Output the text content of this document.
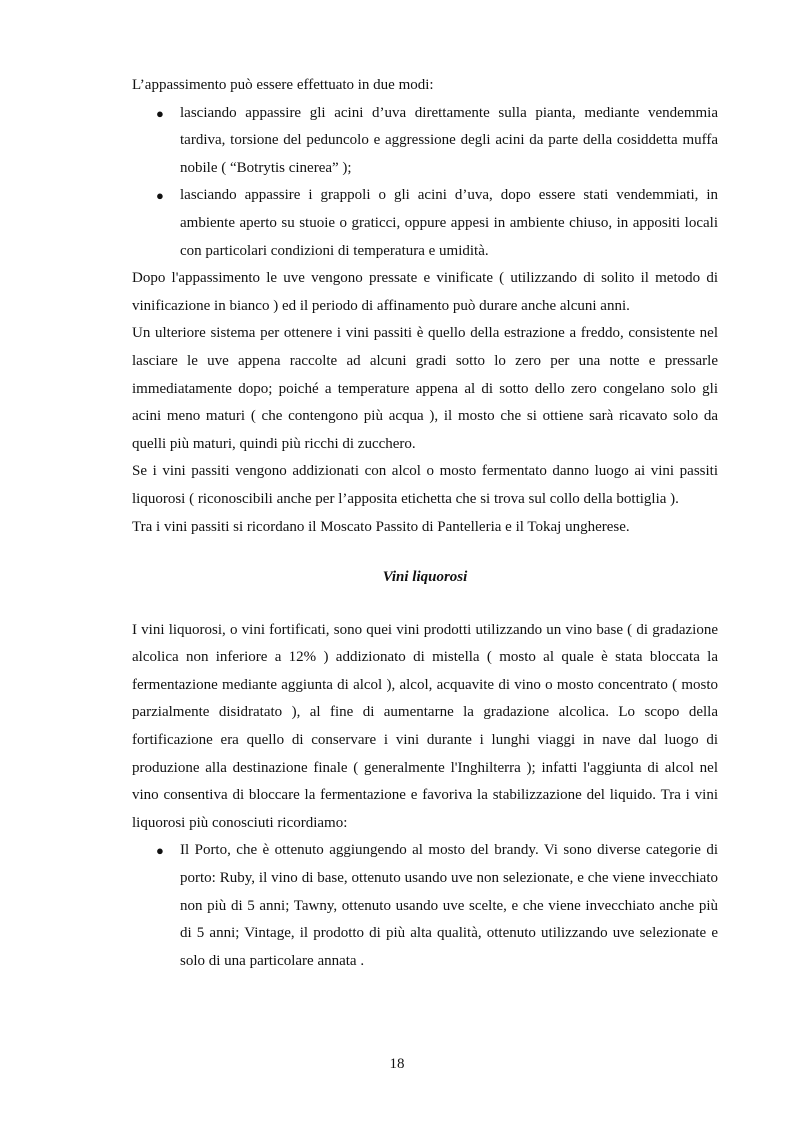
L’appassimento può essere effettuato in due modi:

● lasciando appassire gli acini d’uva direttamente sulla pianta, mediante vendemmia tardiva, torsione del peduncolo e aggressione degli acini da parte della cosiddetta muffa nobile ( “Botrytis cinerea” );
● lasciando appassire i grappoli o gli acini d’uva, dopo essere stati vendemmiati, in ambiente aperto su stuoie o graticci, oppure appesi in ambiente chiuso, in appositi locali con particolari condizioni di temperatura e umidità.

Dopo l'appassimento le uve vengono pressate e vinificate ( utilizzando di solito il metodo di vinificazione in bianco ) ed il periodo di affinamento può durare anche alcuni anni.

Un ulteriore sistema per ottenere i vini passiti è quello della estrazione a freddo, consistente nel lasciare le uve appena raccolte ad alcuni gradi sotto lo zero per una notte e pressarle immediatamente dopo; poiché a temperature appena al di sotto dello zero congelano solo gli acini meno maturi ( che contengono più acqua ), il mosto che si ottiene sarà ricavato solo da quelli più maturi, quindi più ricchi di zucchero.

Se i vini passiti vengono addizionati con alcol o mosto fermentato danno luogo ai vini passiti liquorosi ( riconoscibili anche per l’apposita etichetta che si trova sul collo della bottiglia ).

Tra i vini passiti si ricordano il Moscato Passito di Pantelleria e il Tokaj ungherese.

Vini liquorosi

I vini liquorosi, o vini fortificati, sono quei vini prodotti utilizzando un vino base ( di gradazione alcolica non inferiore a 12% ) addizionato di mistella ( mosto al quale è stata bloccata la fermentazione mediante aggiunta di alcol ), alcol, acquavite di vino o mosto concentrato ( mosto parzialmente disidratato ), al fine di aumentarne la gradazione alcolica. Lo scopo della fortificazione era quello di conservare i vini durante i lunghi viaggi in nave dal luogo di produzione alla destinazione finale ( generalmente l'Inghilterra ); infatti l'aggiunta di alcol nel vino consentiva di bloccare la fermentazione e favoriva la stabilizzazione del liquido. Tra i vini liquorosi più conosciuti ricordiamo:

● Il Porto, che è ottenuto aggiungendo al mosto del brandy. Vi sono diverse categorie di porto: Ruby, il vino di base, ottenuto usando uve non selezionate, e che viene invecchiato non più di 5 anni; Tawny, ottenuto usando uve scelte, e che viene invecchiato anche più di 5 anni; Vintage, il prodotto di più alta qualità, ottenuto utilizzando uve selezionate e solo di una particolare annata .
18
